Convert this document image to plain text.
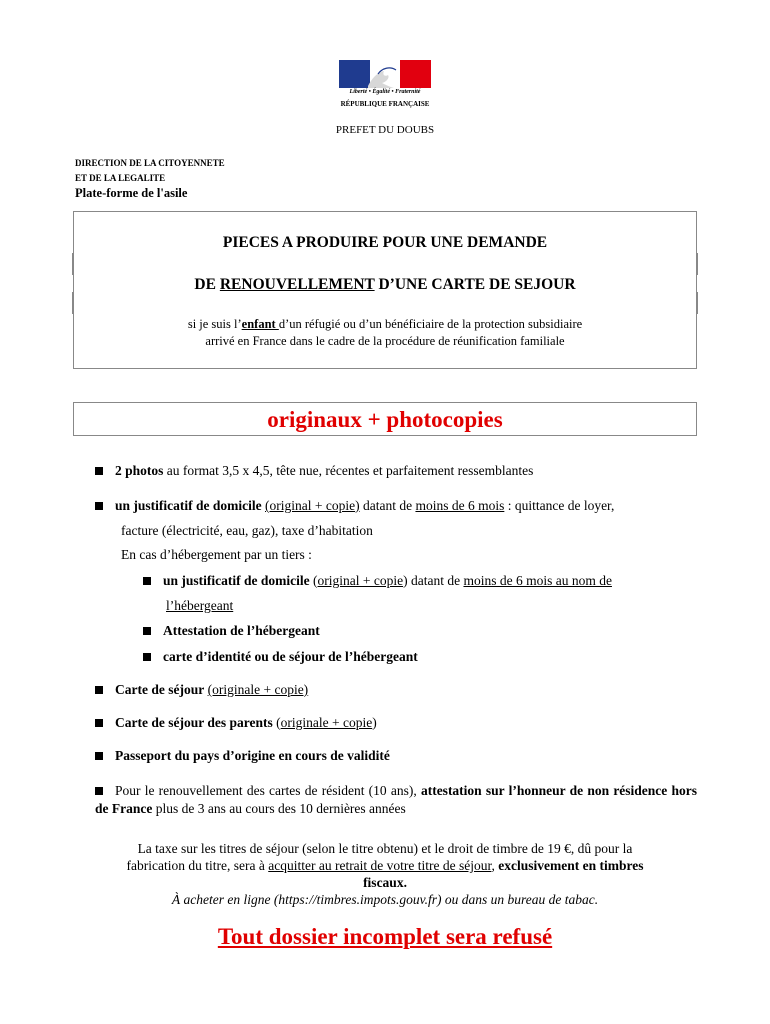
Liberté • Égalité • Fraternité
RÉPUBLIQUE FRANÇAISE
PREFET DU DOUBS
DIRECTION DE LA CITOYENNETE
ET DE LA LEGALITE
Plate-forme de l'asile
PIECES A PRODUIRE POUR UNE DEMANDE
DE RENOUVELLEMENT D’UNE CARTE DE SEJOUR
si je suis l’enfant d’un réfugié ou d’un bénéficiaire de la protection subsidiaire
arrivé en France dans le cadre de la procédure de réunification familiale
originaux + photocopies
2 photos au format 3,5 x 4,5, tête nue, récentes et parfaitement ressemblantes
un justificatif de domicile (original + copie) datant de moins de 6 mois : quittance de loyer,
facture (électricité, eau, gaz), taxe d’habitation
En cas d’hébergement par un tiers :
un justificatif de domicile (original + copie) datant de moins de 6 mois au nom de
l’hébergeant
Attestation de l’hébergeant
carte d’identité ou de séjour de l’hébergeant
Carte de séjour (originale + copie)
Carte de séjour des parents (originale + copie)
Passeport du pays d’origine en cours de validité
Pour le renouvellement des cartes de résident (10 ans), attestation sur l’honneur de non résidence hors de France plus de 3 ans au cours des 10 dernières années
La taxe sur les titres de séjour (selon le titre obtenu) et le droit de timbre de 19 €, dû pour la
fabrication du titre, sera à acquitter au retrait de votre titre de séjour, exclusivement en timbres
fiscaux.
À acheter en ligne (https://timbres.impots.gouv.fr) ou dans un bureau de tabac.
Tout dossier incomplet sera refusé
